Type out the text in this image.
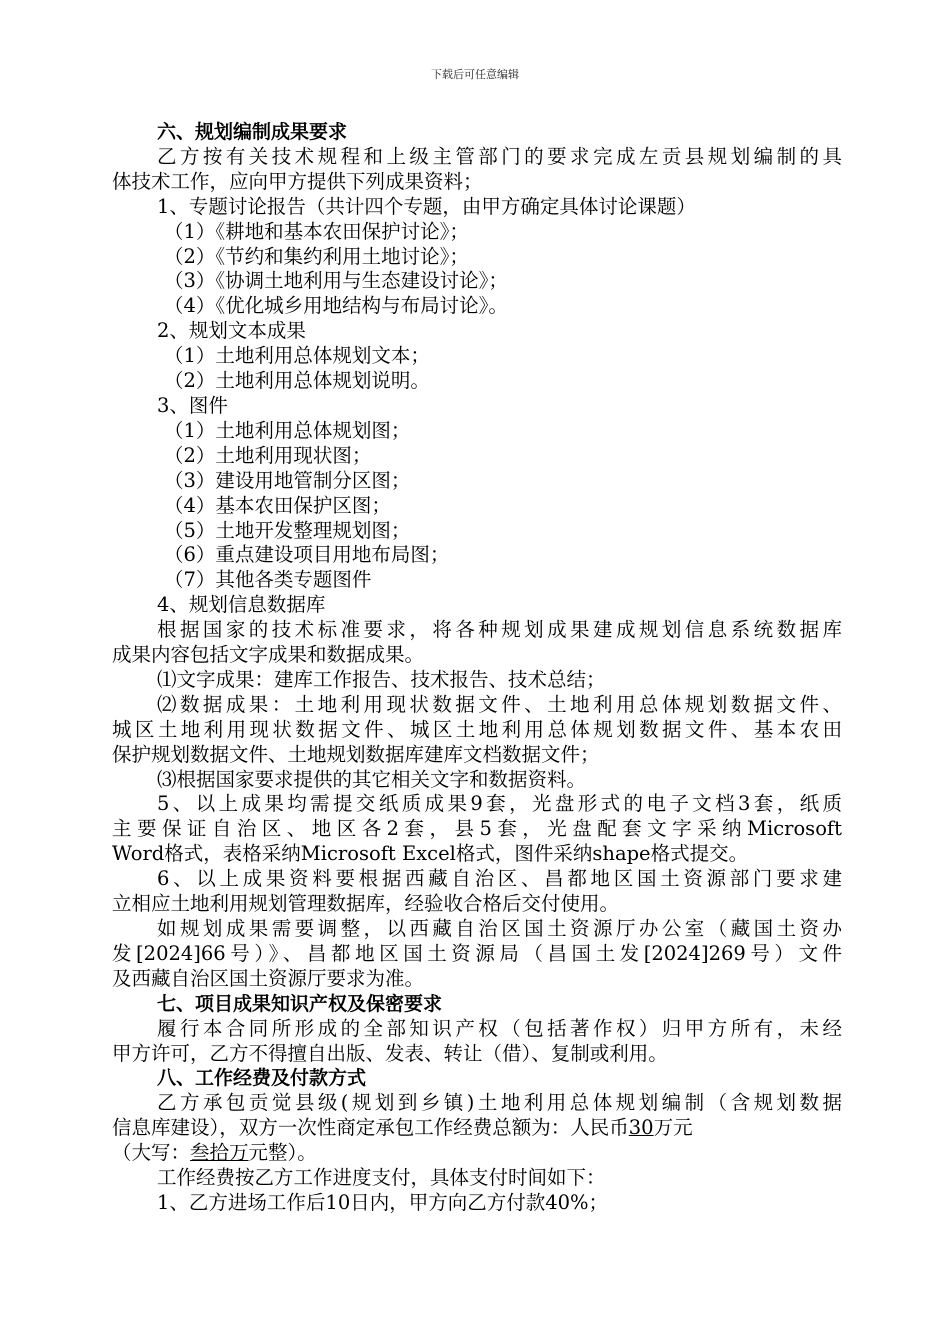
下载后可任意编辑
六、规划编制成果要求
乙方按有关技术规程和上级主管部门的要求完成左贡县规划编制的具
体技术工作，应向甲方提供下列成果资料；
1、专题讨论报告（共计四个专题，由甲方确定具体讨论课题）
（1）《耕地和基本农田保护讨论》；
（2）《节约和集约利用土地讨论》；
（3）《协调土地利用与生态建设讨论》；
（4）《优化城乡用地结构与布局讨论》。
2、规划文本成果
（1）土地利用总体规划文本；
（2）土地利用总体规划说明。
3、图件
（1）土地利用总体规划图；
（2）土地利用现状图；
（3）建设用地管制分区图；
（4）基本农田保护区图；
（5）土地开发整理规划图；
（6）重点建设项目用地布局图；
（7）其他各类专题图件
4、规划信息数据库
根据国家的技术标准要求，将各种规划成果建成规划信息系统数据库
成果内容包括文字成果和数据成果。
⑴文字成果：建库工作报告、技术报告、技术总结；
⑵数据成果：土地利用现状数据文件、土地利用总体规划数据文件、
城区土地利用现状数据文件、城区土地利用总体规划数据文件、基本农田
保护规划数据文件、土地规划数据库建库文档数据文件；
⑶根据国家要求提供的其它相关文字和数据资料。
5、以上成果均需提交纸质成果9套，光盘形式的电子文档3套，纸质
主要保证自治区、地区各2套，县5套，光盘配套文字采纳Microsoft
Word格式，表格采纳Microsoft Excel格式，图件采纳shape格式提交。
6、以上成果资料要根据西藏自治区、昌都地区国土资源部门要求建
立相应土地利用规划管理数据库，经验收合格后交付使用。
如规划成果需要调整，以西藏自治区国土资源厅办公室（藏国土资办
发[2024]66号）》、昌都地区国土资源局（昌国土发[2024]269号）文件
及西藏自治区国土资源厅要求为准。
七、项目成果知识产权及保密要求
履行本合同所形成的全部知识产权（包括著作权）归甲方所有，未经
甲方许可，乙方不得擅自出版、发表、转让（借）、复制或利用。
八、工作经费及付款方式
乙方承包贡觉县级(规划到乡镇)土地利用总体规划编制（含规划数据
信息库建设），双方一次性商定承包工作经费总额为：人民币30万元
（大写：叁拾万元整）。
工作经费按乙方工作进度支付，具体支付时间如下：
1、乙方进场工作后10日内，甲方向乙方付款40%；
